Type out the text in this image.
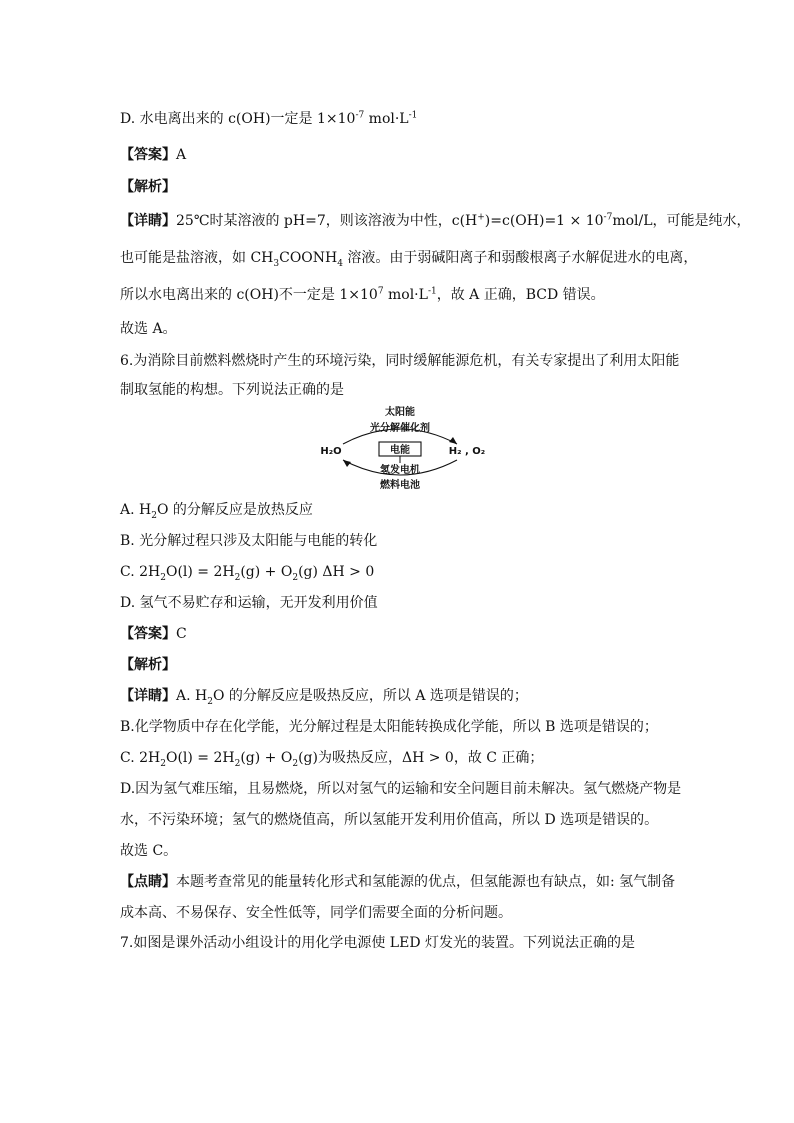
D. 水电离出来的 c(OH)一定是 $1\times 10^{-7}$ $mol\cdot L^{-1}$
【答案】A
【解析】
【详睛】25℃时某溶液的 pH=7，则该溶液为中性，$c(H^+)=c(OH)=1 \times 10^{-7}mol/L$，可能是纯水，
也可能是盐溶液，如 $CH_3COONH_4$ 溶液。由于弱碱阳离子和弱酸根离子水解促进水的电离，
所以水电离出来的 c(OH)不一定是 $1\times 10^7$ $mol\cdot L^{-1}$，故 A 正确，BCD 错误。
故选 A。
6.为消除目前燃料燃烧时产生的环境污染，同时缓解能源危机，有关专家提出了利用太阳能
制取氢能的构想。下列说法正确的是
太阳能
光分解催化剂
H₂O	H₂ , O₂
电能
氢发电机
燃料电池
A. $H_2O$ 的分解反应是放热反应
B. 光分解过程只涉及太阳能与电能的转化
C. $2H_2O(l) = 2H_2(g) + O_2(g) \Delta H > 0$
D. 氢气不易贮存和运输，无开发利用价值
【答案】C
【解析】
【详睛】A. $H_2O$ 的分解反应是吸热反应，所以 A 选项是错误的；
B.化学物质中存在化学能，光分解过程是太阳能转换成化学能，所以 B 选项是错误的；
C. $2H_2O(l) = 2H_2(g) + O_2(g)$为吸热反应，ΔH > 0，故 C 正确；
D.因为氢气难压缩，且易燃烧，所以对氢气的运输和安全问题目前未解决。氢气燃烧产物是
水，不污染环境；氢气的燃烧值高，所以氢能开发利用价值高，所以 D 选项是错误的。
故选 C。
【点睛】本题考查常见的能量转化形式和氢能源的优点，但氢能源也有缺点，如: 氢气制备
成本高、不易保存、安全性低等，同学们需要全面的分析问题。
7.如图是课外活动小组设计的用化学电源使 LED 灯发光的装置。下列说法正确的是
